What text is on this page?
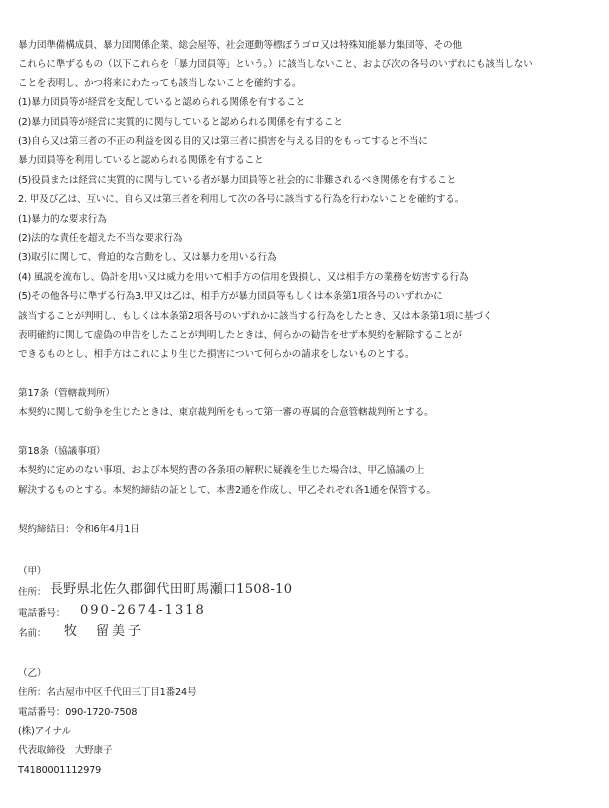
暴力団準備構成員、暴力団関係企業、総会屋等、社会運動等標ぼうゴロ又は特殊知能暴力集団等、その他
これらに準ずるもの（以下これらを「暴力団員等」という。）に該当しないこと、および次の各号のいずれにも該当しない
ことを表明し、かつ将来にわたっても該当しないことを確約する。
(1)暴力団員等が経営を支配していると認められる関係を有すること
(2)暴力団員等が経営に実質的に関与していると認められる関係を有すること
(3)自ら又は第三者の不正の利益を図る目的又は第三者に損害を与える目的をもってすると不当に
暴力団員等を利用していると認められる関係を有すること
(5)役員または経営に実質的に関与している者が暴力団員等と社会的に非難されるべき関係を有すること
2. 甲及び乙は、互いに、自ら又は第三者を利用して次の各号に該当する行為を行わないことを確約する。
(1)暴力的な要求行為
(2)法的な責任を超えた不当な要求行為
(3)取引に関して、脅迫的な言動をし、又は暴力を用いる行為
(4) 風説を流布し、偽計を用い又は威力を用いて相手方の信用を毀損し、又は相手方の業務を妨害する行為
(5)その他各号に準ずる行為3.甲又は乙は、相手方が暴力団員等もしくは本条第1項各号のいずれかに
該当することが判明し、もしくは本条第2項各号のいずれかに該当する行為をしたとき、又は本条第1項に基づく
表明確約に関して虚偽の申告をしたことが判明したときは、何らかの勧告をせず本契約を解除することが
できるものとし、相手方はこれにより生じた損害について何らかの請求をしないものとする。
第17条（管轄裁判所）
本契約に関して紛争を生じたときは、東京裁判所をもって第一審の専属的合意管轄裁判所とする。
第18条（協議事項）
本契約に定めのない事項、および本契約書の各条項の解釈に疑義を生じた場合は、甲乙協議の上
解決するものとする。本契約締結の証として、本書2通を作成し、甲乙それぞれ各1通を保管する。
契約締結日：令和6年4月1日
（甲）
住所： 長野県北佐久郡御代田町馬瀬口1508-10
電話番号： 090-2674-1318
名前： 牧　留美子
（乙）
住所：名古屋市中区千代田三丁目1番24号
電話番号：090-1720-7508
(株)アイナル
代表取締役　大野康子
T4180001112979
